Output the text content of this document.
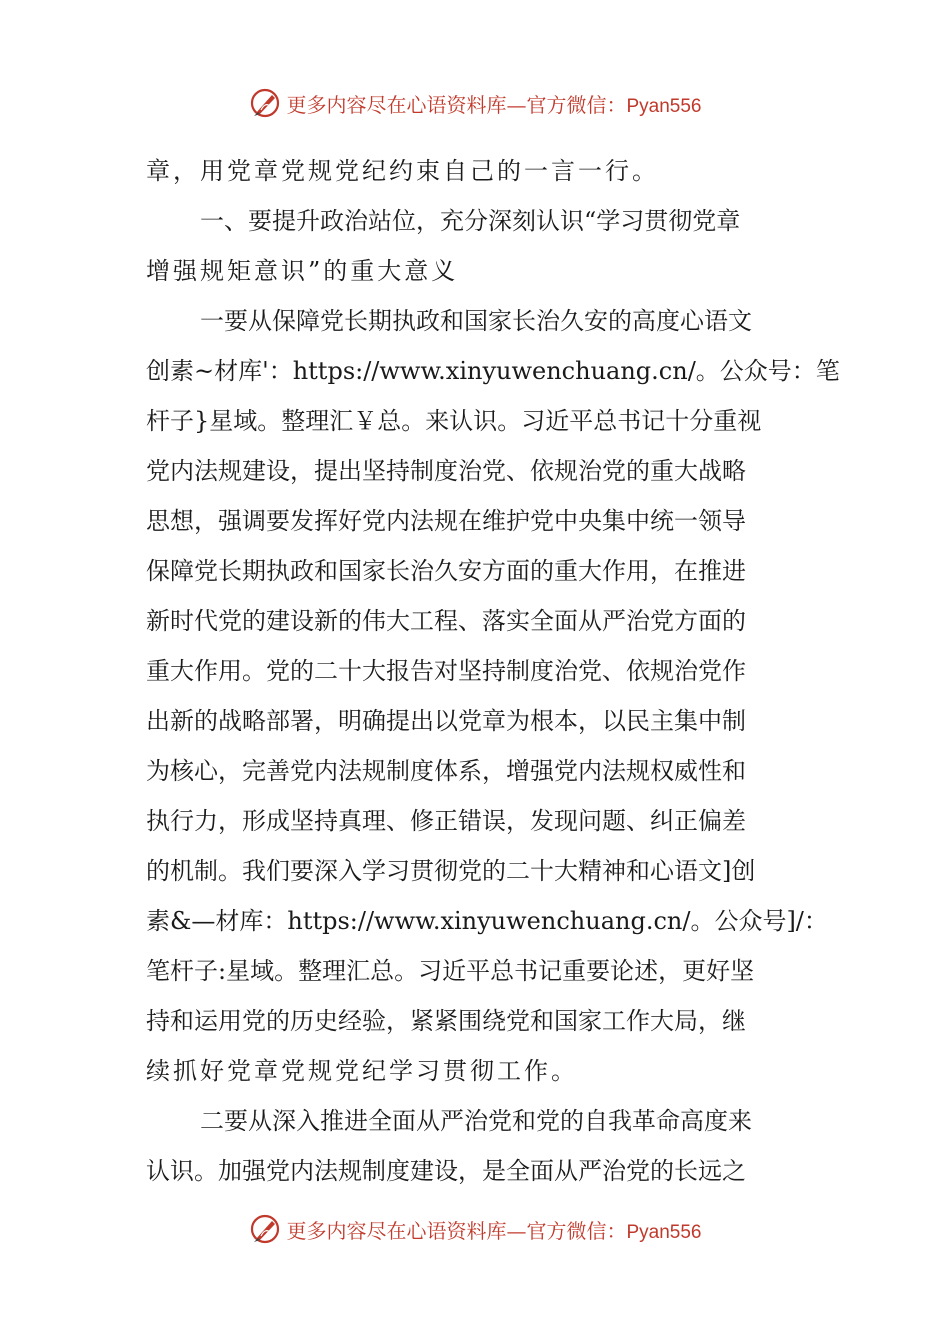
更多内容尽在心语资料库—官方微信：Pyan556
章，用党章党规党纪约束自己的一言一行。
一、要提升政治站位，充分深刻认识“学习贯彻党章
增强规矩意识”的重大意义
一要从保障党长期执政和国家长治久安的高度心语文
创素~材库'：https://www.xinyuwenchuang.cn/。公众号：笔
杆子}星域。整理汇￥总。来认识。习近平总书记十分重视
党内法规建设，提出坚持制度治党、依规治党的重大战略
思想，强调要发挥好党内法规在维护党中央集中统一领导
保障党长期执政和国家长治久安方面的重大作用，在推进
新时代党的建设新的伟大工程、落实全面从严治党方面的
重大作用。党的二十大报告对坚持制度治党、依规治党作
出新的战略部署，明确提出以党章为根本，以民主集中制
为核心，完善党内法规制度体系，增强党内法规权威性和
执行力，形成坚持真理、修正错误，发现问题、纠正偏差
的机制。我们要深入学习贯彻党的二十大精神和心语文]创
素&—材库：https://www.xinyuwenchuang.cn/。公众号]/：
笔杆子:星域。整理汇总。习近平总书记重要论述，更好坚
持和运用党的历史经验，紧紧围绕党和国家工作大局，继
续抓好党章党规党纪学习贯彻工作。
二要从深入推进全面从严治党和党的自我革命高度来
认识。加强党内法规制度建设，是全面从严治党的长远之
更多内容尽在心语资料库—官方微信：Pyan556
